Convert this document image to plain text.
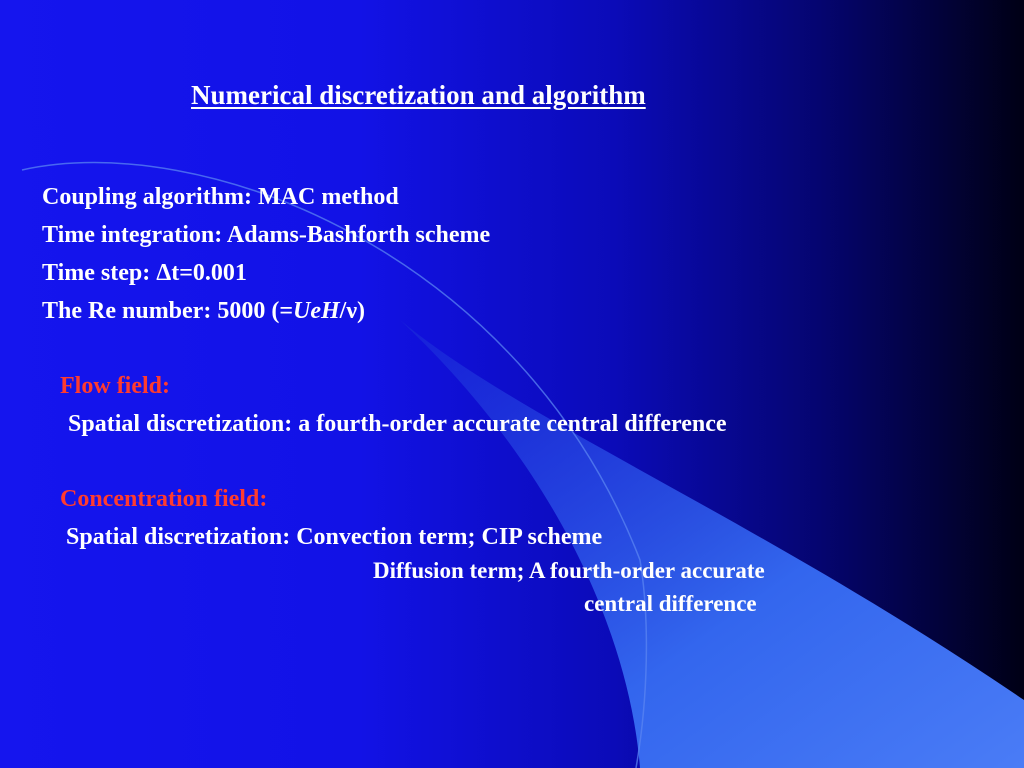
Numerical discretization and algorithm
Coupling algorithm: MAC method
Time integration: Adams-Bashforth scheme
Time step: Δt=0.001
The Re number: 5000 (=UeH/ν)
Flow field:
Spatial discretization: a fourth-order accurate central difference
Concentration field:
Spatial discretization: Convection term; CIP scheme
Diffusion term; A fourth-order accurate
central difference
